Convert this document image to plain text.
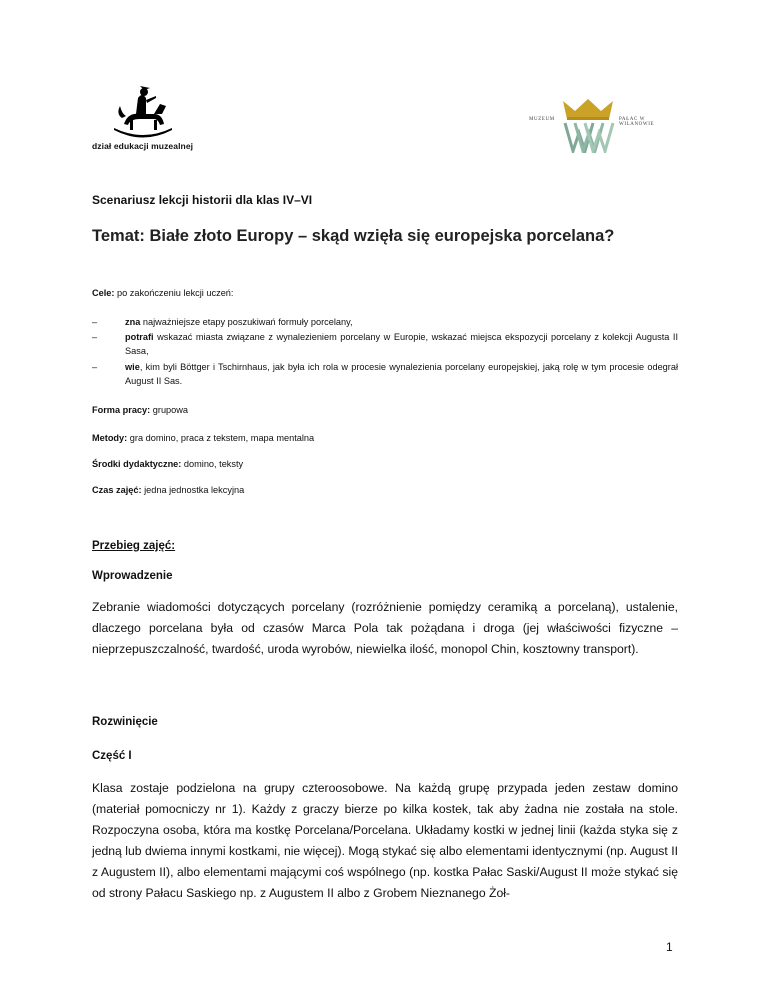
dział edukacji muzealnej
MUZEUM	PAŁAC W WILANOWIE
Scenariusz lekcji historii dla klas IV–VI
Temat: Białe złoto Europy – skąd wzięła się europejska porcelana?
Cele: po zakończeniu lekcji uczeń:
–	zna najważniejsze etapy poszukiwań formuły porcelany,
–	potrafi wskazać miasta związane z wynalezieniem porcelany w Europie, wskazać miejsca ekspozycji porcelany z kolekcji Augusta II Sasa,
–	wie, kim byli Böttger i Tschirnhaus, jak była ich rola w procesie wynalezienia porcelany europejskiej, jaką rolę w tym procesie odegrał August II Sas.
Forma pracy: grupowa
Metody: gra domino, praca z tekstem, mapa mentalna
Środki dydaktyczne: domino, teksty
Czas zajęć: jedna jednostka lekcyjna
Przebieg zajęć:
Wprowadzenie
Zebranie wiadomości dotyczących porcelany (rozróżnienie pomiędzy ceramiką a porcelaną), ustalenie, dlaczego porcelana była od czasów Marca Pola tak pożądana i droga (jej właściwości fizyczne – nieprzepuszczalność, twardość, uroda wyrobów, niewielka ilość, monopol Chin, kosztowny transport).
Rozwinięcie
Część I
Klasa zostaje podzielona na grupy czteroosobowe. Na każdą grupę przypada jeden zestaw domino (materiał pomocniczy nr 1). Każdy z graczy bierze po kilka kostek, tak aby żadna nie została na stole. Rozpoczyna osoba, która ma kostkę Porcelana/Porcelana. Układamy kostki w jednej linii (każda styka się z jedną lub dwiema innymi kostkami, nie więcej). Mogą stykać się albo elementami identycznymi (np. August II z Augustem II), albo elementami mającymi coś wspólnego (np. kostka Pałac Saski/August II może stykać się od strony Pałacu Saskiego np. z Augustem II albo z Grobem Nieznanego Żoł-
1
